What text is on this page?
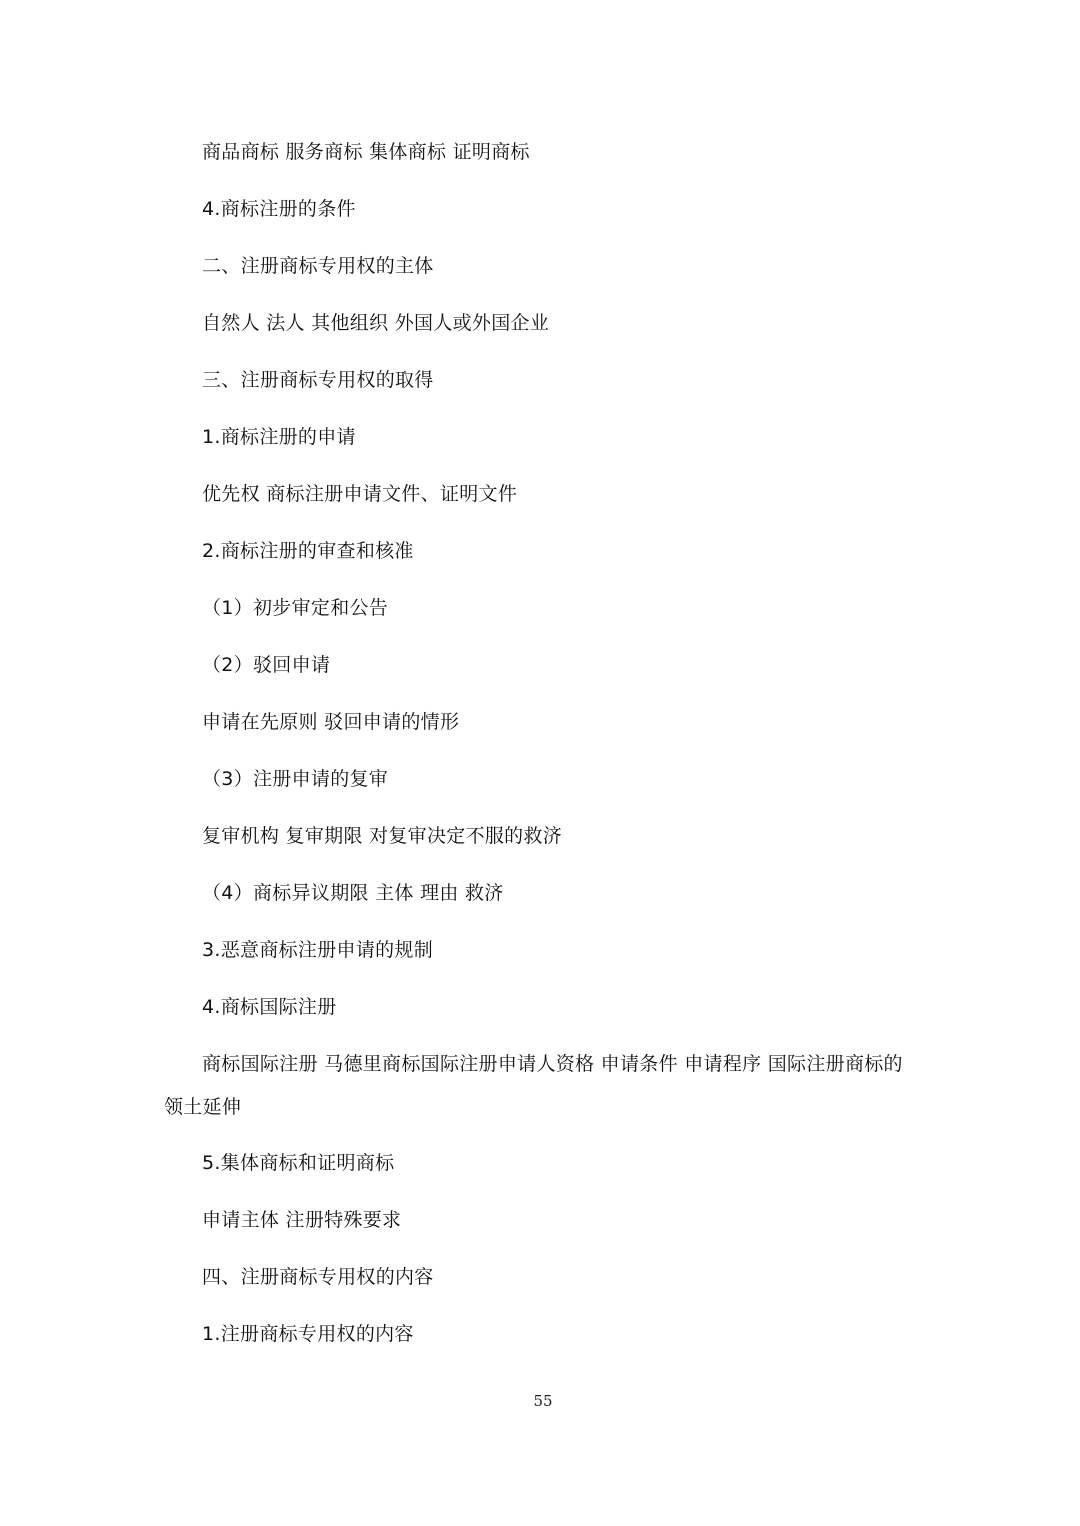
商品商标 服务商标 集体商标 证明商标
4.商标注册的条件
二、注册商标专用权的主体
自然人 法人 其他组织 外国人或外国企业
三、注册商标专用权的取得
1.商标注册的申请
优先权 商标注册申请文件、证明文件
2.商标注册的审查和核准
（1）初步审定和公告
（2）驳回申请
申请在先原则 驳回申请的情形
（3）注册申请的复审
复审机构 复审期限 对复审决定不服的救济
（4）商标异议期限 主体 理由 救济
3.恶意商标注册申请的规制
4.商标国际注册
商标国际注册 马德里商标国际注册申请人资格 申请条件 申请程序 国际注册商标的
领土延伸
5.集体商标和证明商标
申请主体 注册特殊要求
四、注册商标专用权的内容
1.注册商标专用权的内容
55
